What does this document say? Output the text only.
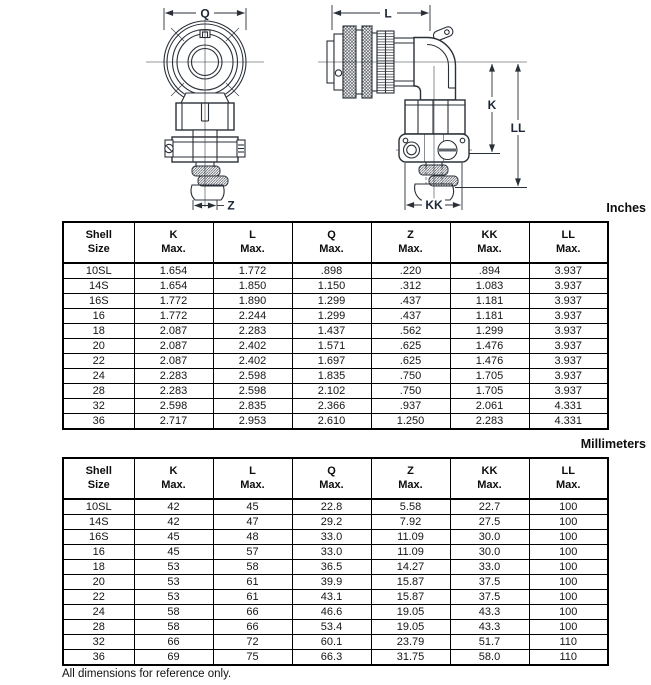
Q
Z
L
K
LL
KK	Inches
Shell
Size

K
Max.

L
Max.

Q
Max.

Z
Max.

KK
Max.

LL
Max.

10SL	1.654	1.772	.898	.220	.894	3.937
14S	1.654	1.850	1.150	.312	1.083	3.937
16S	1.772	1.890	1.299	.437	1.181	3.937
16	1.772	2.244	1.299	.437	1.181	3.937
18	2.087	2.283	1.437	.562	1.299	3.937
20	2.087	2.402	1.571	.625	1.476	3.937
22	2.087	2.402	1.697	.625	1.476	3.937
24	2.283	2.598	1.835	.750	1.705	3.937
28	2.283	2.598	2.102	.750	1.705	3.937
32	2.598	2.835	2.366	.937	2.061	4.331
36	2.717	2.953	2.610	1.250	2.283	4.331
Millimeters
Shell
Size

K
Max.

L
Max.

Q
Max.

Z
Max.

KK
Max.

LL
Max.

10SL	42	45	22.8	5.58	22.7	100
14S	42	47	29.2	7.92	27.5	100
16S	45	48	33.0	11.09	30.0	100
16	45	57	33.0	11.09	30.0	100
18	53	58	36.5	14.27	33.0	100
20	53	61	39.9	15.87	37.5	100
22	53	61	43.1	15.87	37.5	100
24	58	66	46.6	19.05	43.3	100
28	58	66	53.4	19.05	43.3	100
32	66	72	60.1	23.79	51.7	110
36	69	75	66.3	31.75	58.0	110
All dimensions for reference only.
